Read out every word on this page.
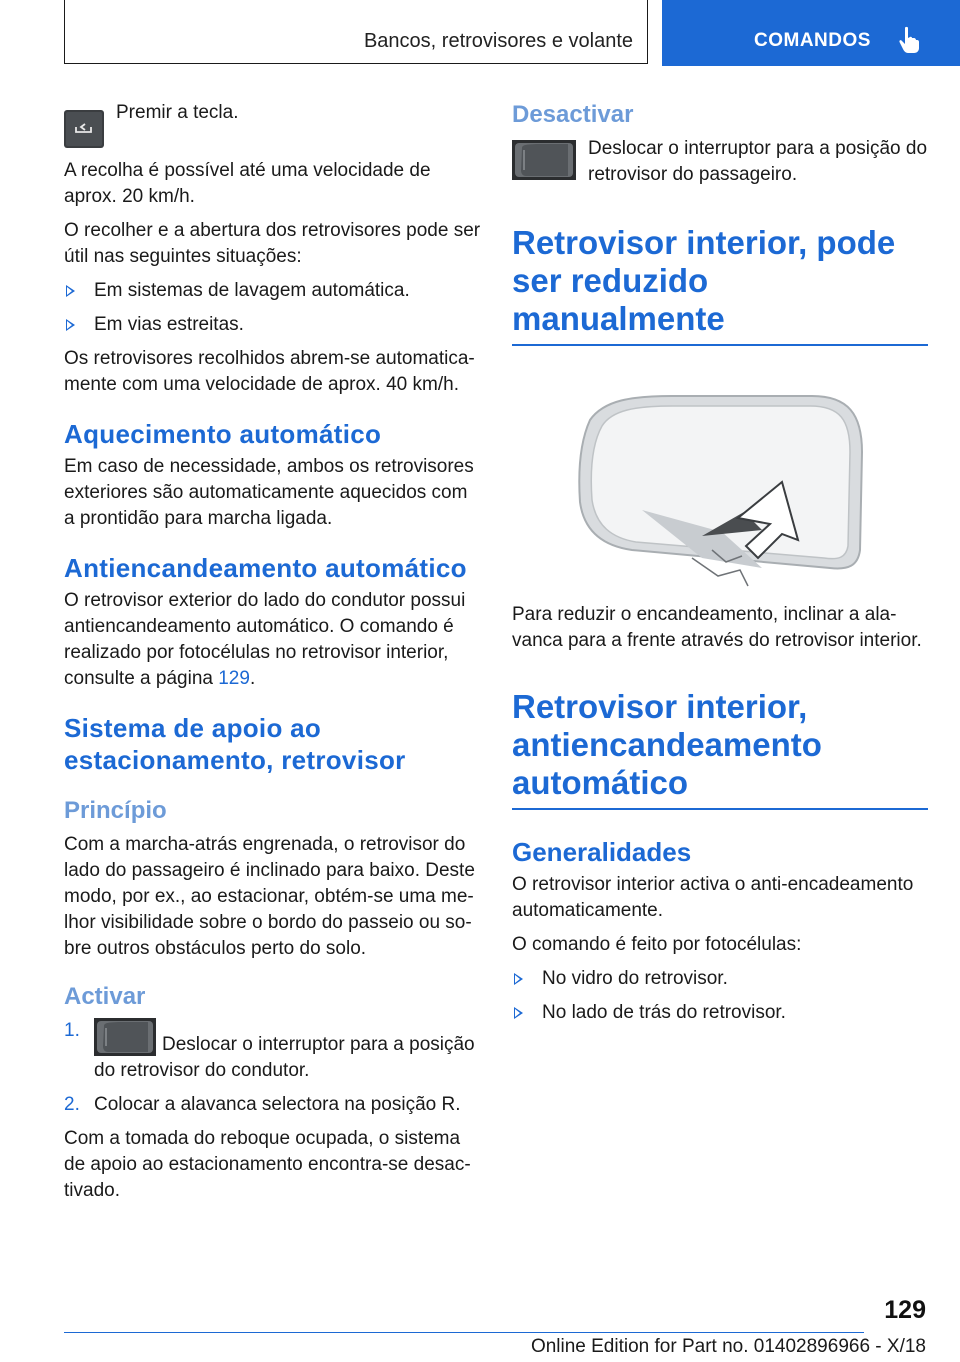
Bancos, retrovisores e volante	COMANDOS

Premir a tecla.

A recolha é possível até uma velocidade de aprox. 20 km/h.

O recolher e a abertura dos retrovisores pode ser útil nas seguintes situações:

Em sistemas de lavagem automática.
Em vias estreitas.

Os retrovisores recolhidos abrem-se automatica-mente com uma velocidade de aprox. 40 km/h.

Aquecimento automático

Em caso de necessidade, ambos os retrovisores exteriores são automaticamente aquecidos com a prontidão para marcha ligada.

Antiencandeamento automático

O retrovisor exterior do lado do condutor possui antiencandeamento automático. O comando é realizado por fotocélulas no retrovisor interior, consulte a página 129.

Sistema de apoio ao estacionamento, retrovisor
Princípio

Com a marcha-atrás engrenada, o retrovisor do lado do passageiro é inclinado para baixo. Deste modo, por ex., ao estacionar, obtém-se uma me-lhor visibilidade sobre o bordo do passeio ou so-bre outros obstáculos perto do solo.

Activar
1.
Deslocar o interruptor para a posição do retrovisor do condutor.
2. Colocar a alavanca selectora na posição R.

Com a tomada do reboque ocupada, o sistema de apoio ao estacionamento encontra-se desac-tivado.

Desactivar

Deslocar o interruptor para a posição do retrovisor do passageiro.

Retrovisor interior, pode ser reduzido manualmente

Para reduzir o encandeamento, inclinar a ala-vanca para a frente através do retrovisor interior.

Retrovisor interior, antiencandeamento automático
Generalidades

O retrovisor interior activa o anti-encadeamento automaticamente.

O comando é feito por fotocélulas:

No vidro do retrovisor.
No lado de trás do retrovisor.
129
Online Edition for Part no. 01402896966 - X/18
